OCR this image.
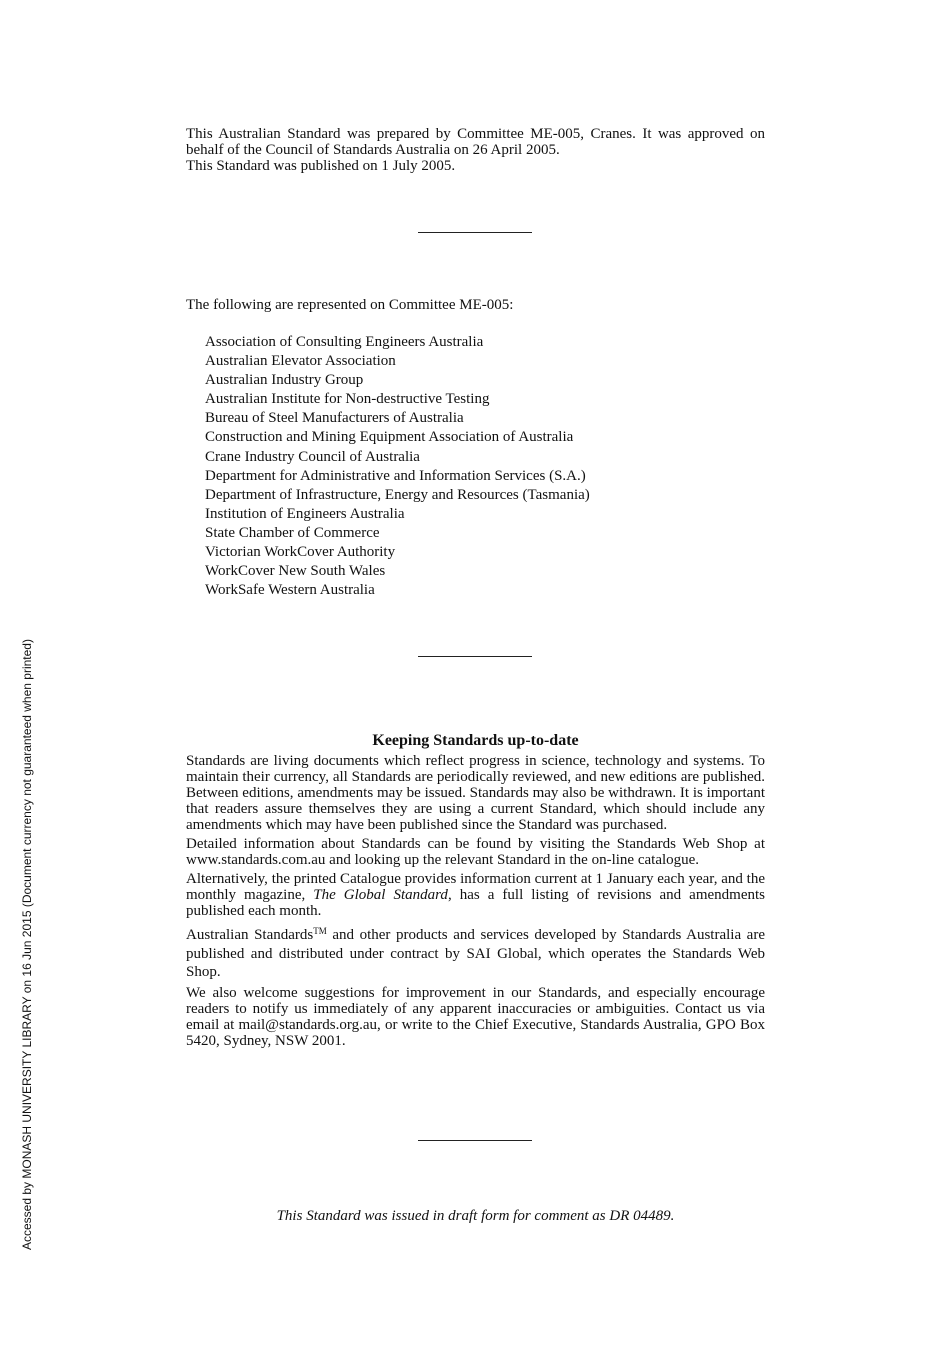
This Australian Standard was prepared by Committee ME-005, Cranes. It was approved on behalf of the Council of Standards Australia on 26 April 2005.
This Standard was published on 1 July 2005.
The following are represented on Committee ME-005:
Association of Consulting Engineers Australia
Australian Elevator Association
Australian Industry Group
Australian Institute for Non-destructive Testing
Bureau of Steel Manufacturers of Australia
Construction and Mining Equipment Association of Australia
Crane Industry Council of Australia
Department for Administrative and Information Services (S.A.)
Department of Infrastructure, Energy and Resources (Tasmania)
Institution of Engineers Australia
State Chamber of Commerce
Victorian WorkCover Authority
WorkCover New South Wales
WorkSafe Western Australia
Keeping Standards up-to-date

Standards are living documents which reflect progress in science, technology and systems. To maintain their currency, all Standards are periodically reviewed, and new editions are published. Between editions, amendments may be issued. Standards may also be withdrawn. It is important that readers assure themselves they are using a current Standard, which should include any amendments which may have been published since the Standard was purchased.

Detailed information about Standards can be found by visiting the Standards Web Shop at www.standards.com.au and looking up the relevant Standard in the on-line catalogue.

Alternatively, the printed Catalogue provides information current at 1 January each year, and the monthly magazine, The Global Standard, has a full listing of revisions and amendments published each month.

Australian Standards™ and other products and services developed by Standards Australia are published and distributed under contract by SAI Global, which operates the Standards Web Shop.

We also welcome suggestions for improvement in our Standards, and especially encourage readers to notify us immediately of any apparent inaccuracies or ambiguities. Contact us via email at mail@standards.org.au, or write to the Chief Executive, Standards Australia, GPO Box 5420, Sydney, NSW 2001.

This Standard was issued in draft form for comment as DR 04489.
Accessed by MONASH UNIVERSITY LIBRARY on 16 Jun 2015 (Document currency not guaranteed when printed)
